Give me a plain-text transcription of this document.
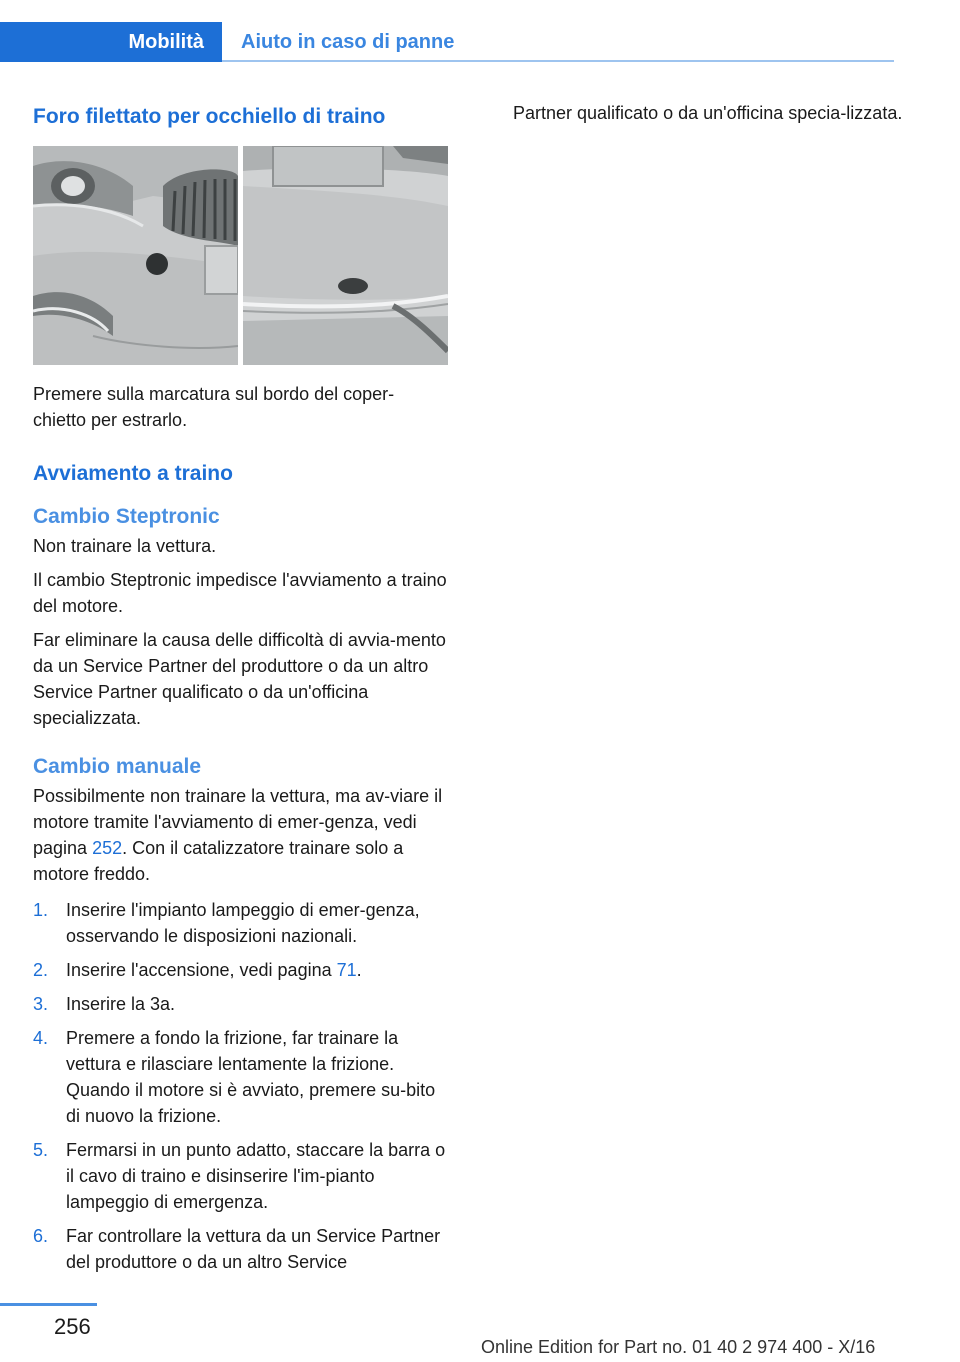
Mobilità	Aiuto in caso di panne
Foro filettato per occhiello di traino

Premere sulla marcatura sul bordo del coper‐chietto per estrarlo.

Avviamento a traino
Cambio Steptronic

Non trainare la vettura.

Il cambio Steptronic impedisce l'avviamento a traino del motore.

Far eliminare la causa delle difficoltà di avvia‐mento da un Service Partner del produttore o da un altro Service Partner qualificato o da un'officina specializzata.

Cambio manuale

Possibilmente non trainare la vettura, ma av‐viare il motore tramite l'avviamento di emer‐genza, vedi pagina 252. Con il catalizzatore trainare solo a motore freddo.

1. Inserire l'impianto lampeggio di emer‐genza, osservando le disposizioni nazionali.
2. Inserire l'accensione, vedi pagina 71.
3. Inserire la 3a.
4. Premere a fondo la frizione, far trainare la vettura e rilasciare lentamente la frizione. Quando il motore si è avviato, premere su‐bito di nuovo la frizione.
5. Fermarsi in un punto adatto, staccare la barra o il cavo di traino e disinserire l'im‐pianto lampeggio di emergenza.
6. Far controllare la vettura da un Service Partner del produttore o da un altro Service

Partner qualificato o da un'officina specia‐lizzata.

256
Online Edition for Part no. 01 40 2 974 400 - X/16
